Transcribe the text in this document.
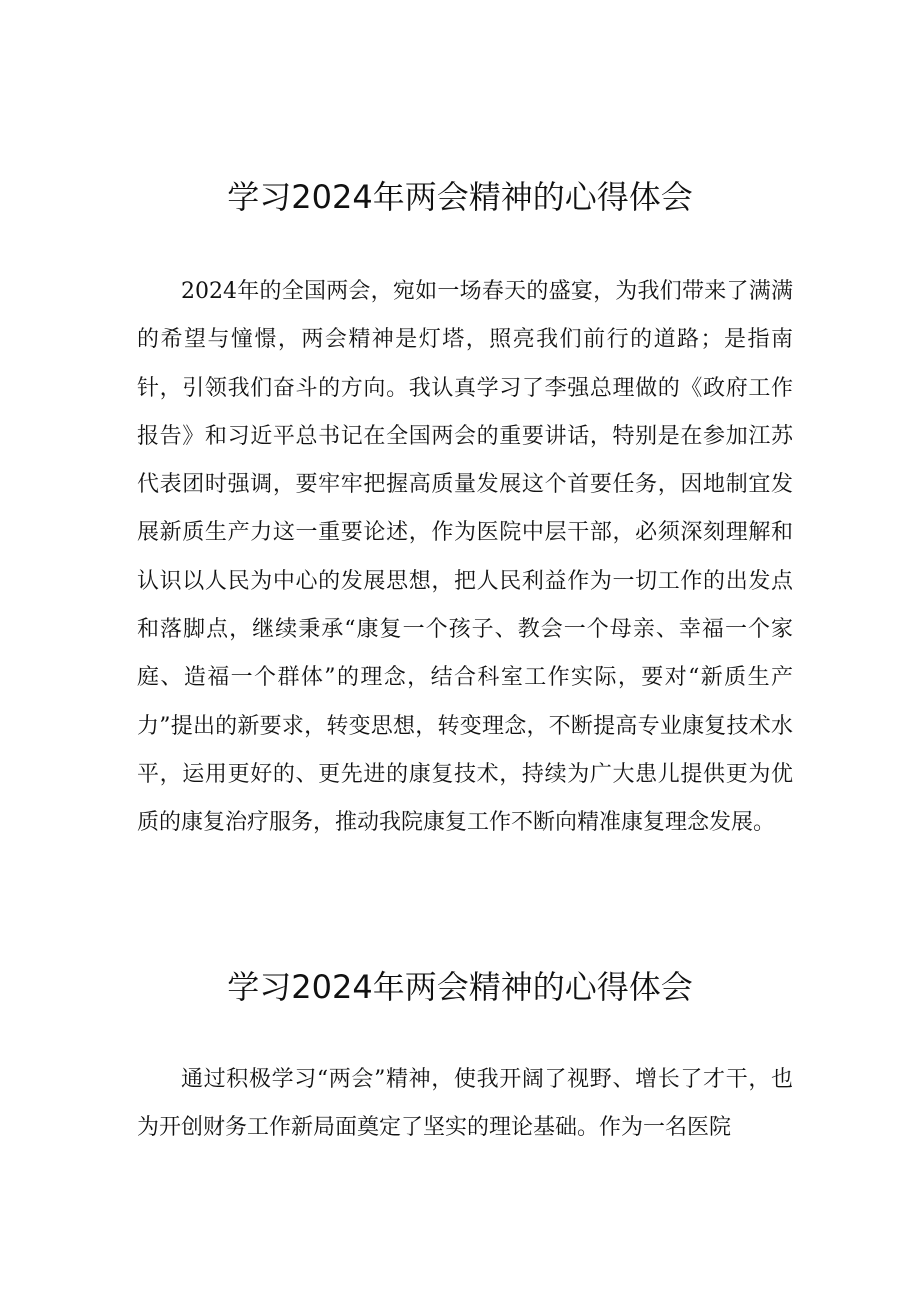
学习2024年两会精神的心得体会

2024年的全国两会，宛如一场春天的盛宴，为我们带来了满满的希望与憧憬，两会精神是灯塔，照亮我们前行的道路；是指南针，引领我们奋斗的方向。我认真学习了李强总理做的《政府工作报告》和习近平总书记在全国两会的重要讲话，特别是在参加江苏代表团时强调，要牢牢把握高质量发展这个首要任务，因地制宜发展新质生产力这一重要论述，作为医院中层干部，必须深刻理解和认识以人民为中心的发展思想，把人民利益作为一切工作的出发点和落脚点，继续秉承“康复一个孩子、教会一个母亲、幸福一个家庭、造福一个群体”的理念，结合科室工作实际，要对“新质生产力”提出的新要求，转变思想，转变理念，不断提高专业康复技术水平，运用更好的、更先进的康复技术，持续为广大患儿提供更为优质的康复治疗服务，推动我院康复工作不断向精准康复理念发展。

学习2024年两会精神的心得体会

通过积极学习“两会”精神，使我开阔了视野、增长了才干，也为开创财务工作新局面奠定了坚实的理论基础。作为一名医院
